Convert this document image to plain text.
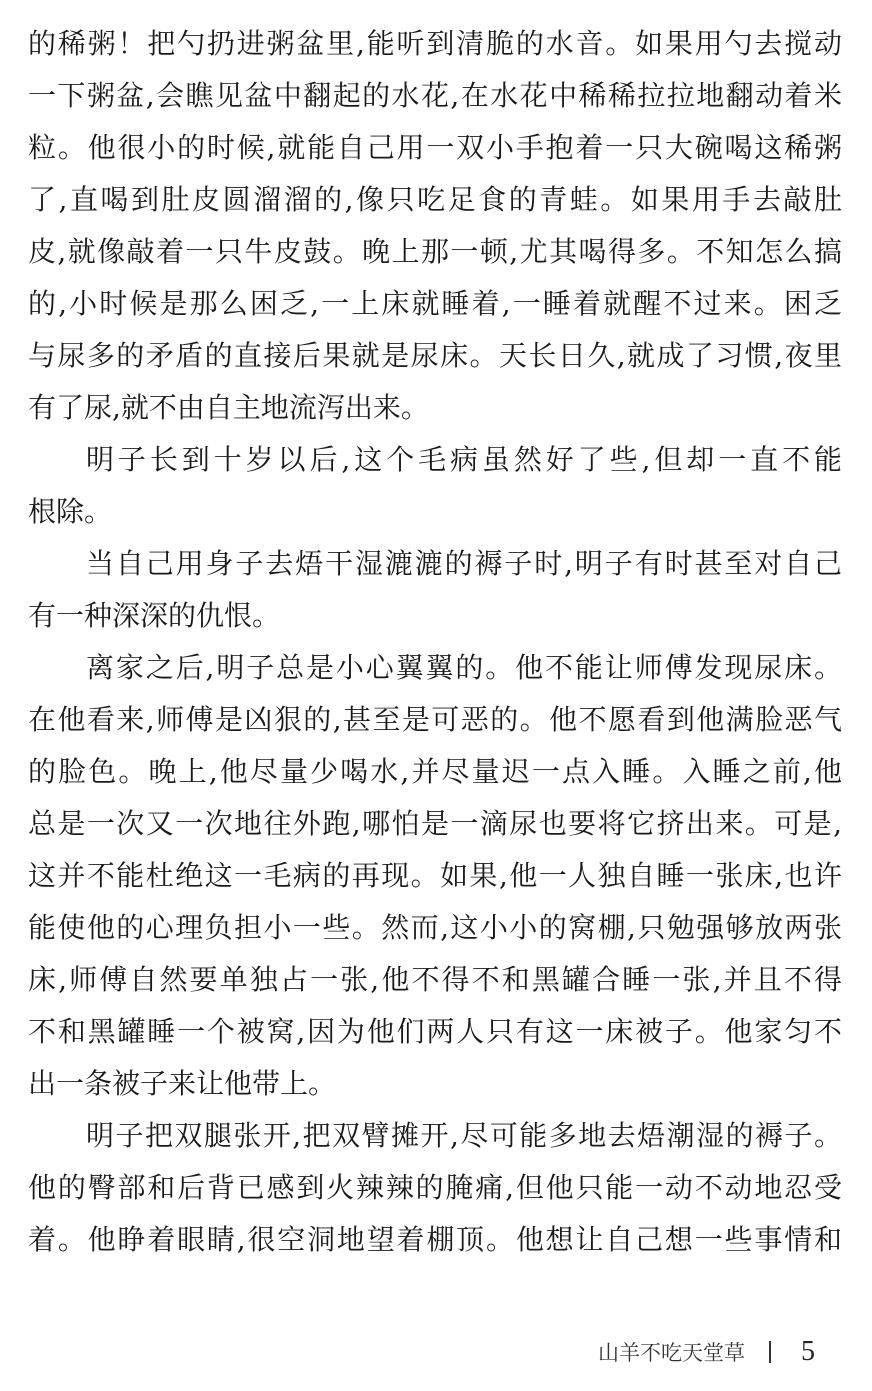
的稀粥！把勺扔进粥盆里,能听到清脆的水音。如果用勺去搅动
一下粥盆,会瞧见盆中翻起的水花,在水花中稀稀拉拉地翻动着米
粒。他很小的时候,就能自己用一双小手抱着一只大碗喝这稀粥
了,直喝到肚皮圆溜溜的,像只吃足食的青蛙。如果用手去敲肚
皮,就像敲着一只牛皮鼓。晚上那一顿,尤其喝得多。不知怎么搞
的,小时候是那么困乏,一上床就睡着,一睡着就醒不过来。困乏
与尿多的矛盾的直接后果就是尿床。天长日久,就成了习惯,夜里
有了尿,就不由自主地流泻出来。
明子长到十岁以后,这个毛病虽然好了些,但却一直不能
根除。
当自己用身子去焐干湿漉漉的褥子时,明子有时甚至对自己
有一种深深的仇恨。
离家之后,明子总是小心翼翼的。他不能让师傅发现尿床。
在他看来,师傅是凶狠的,甚至是可恶的。他不愿看到他满脸恶气
的脸色。晚上,他尽量少喝水,并尽量迟一点入睡。入睡之前,他
总是一次又一次地往外跑,哪怕是一滴尿也要将它挤出来。可是,
这并不能杜绝这一毛病的再现。如果,他一人独自睡一张床,也许
能使他的心理负担小一些。然而,这小小的窝棚,只勉强够放两张
床,师傅自然要单独占一张,他不得不和黑罐合睡一张,并且不得
不和黑罐睡一个被窝,因为他们两人只有这一床被子。他家匀不
出一条被子来让他带上。
明子把双腿张开,把双臂摊开,尽可能多地去焐潮湿的褥子。
他的臀部和后背已感到火辣辣的腌痛,但他只能一动不动地忍受
着。他睁着眼睛,很空洞地望着棚顶。他想让自己想一些事情和
山羊不吃天堂草 5
